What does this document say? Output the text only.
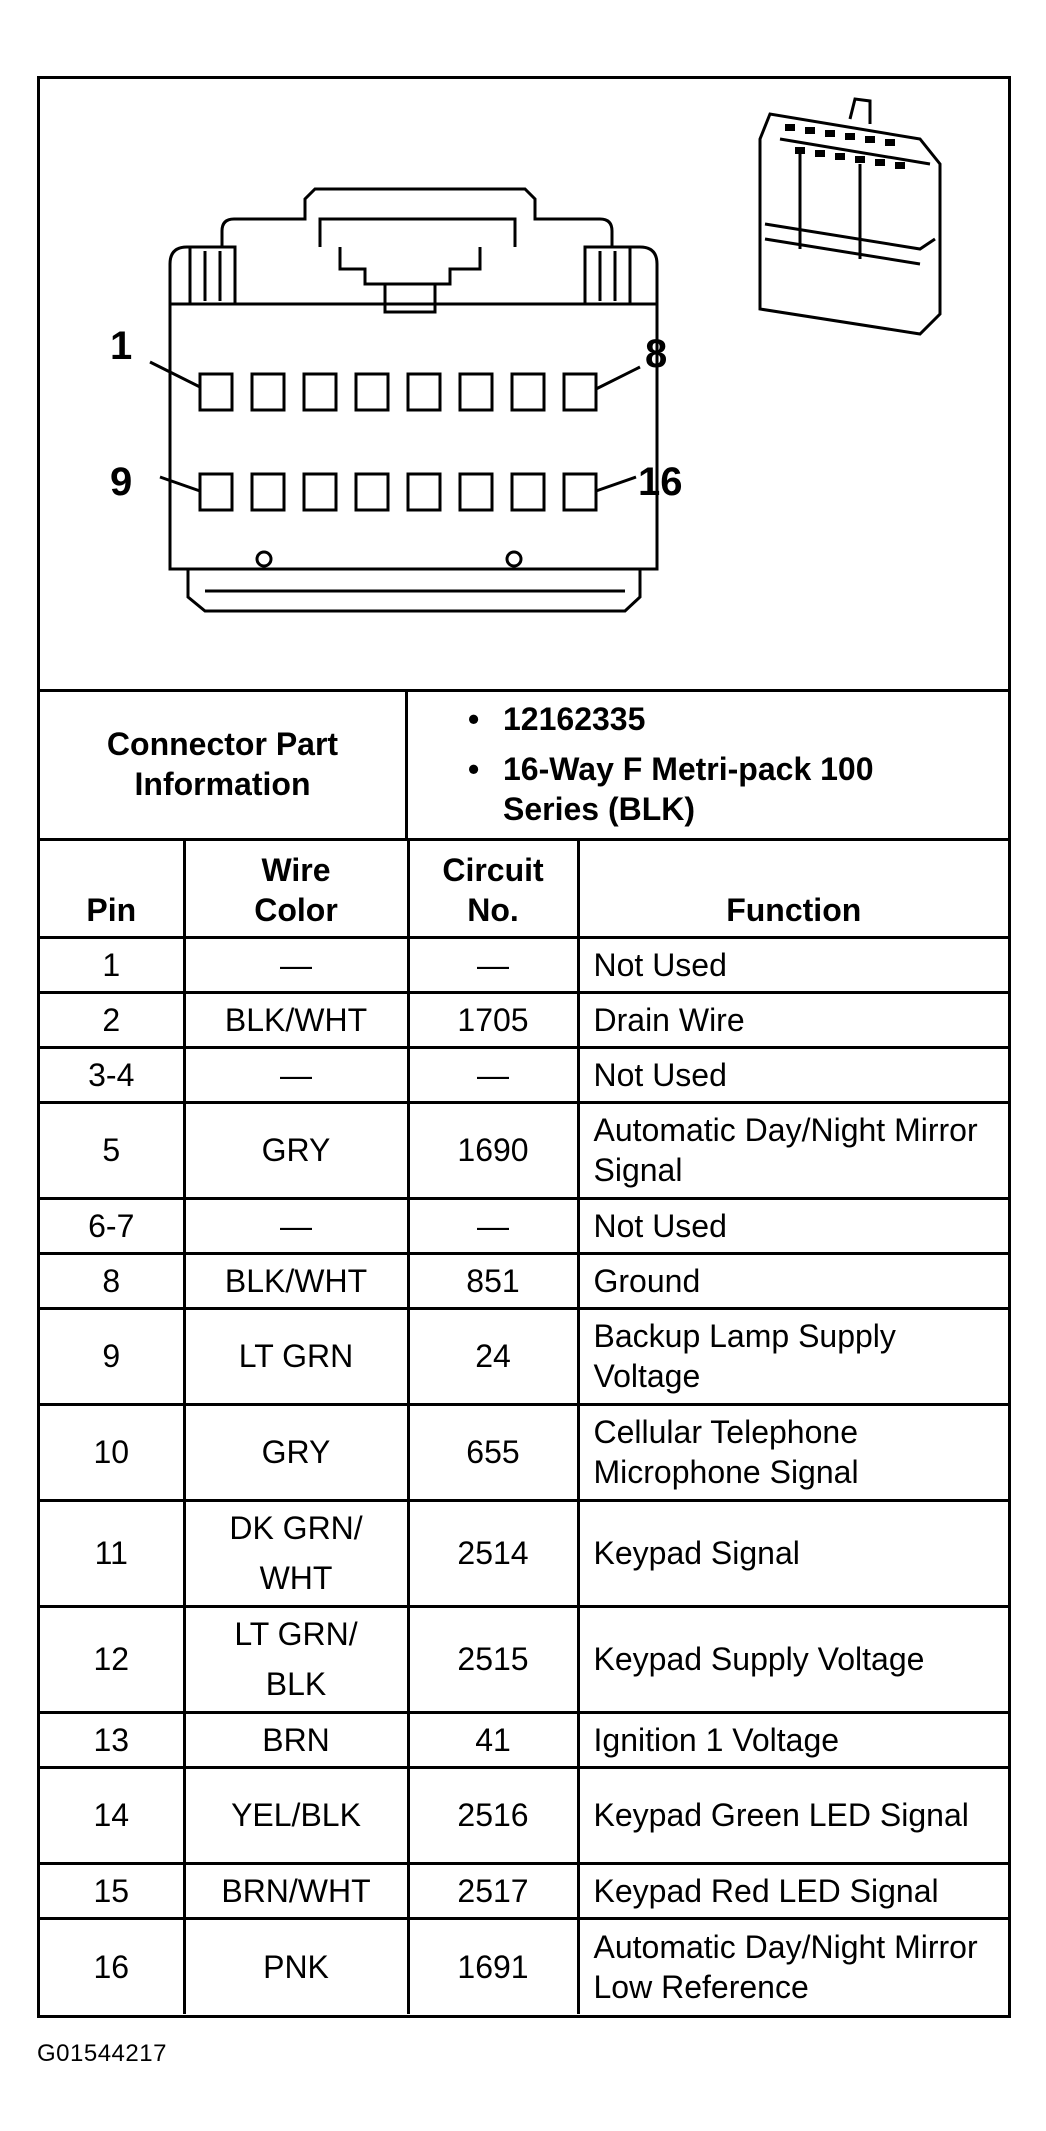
1	8
9	16
Connector Part Information
• 12162335
• 16-Way F Metri-pack 100 Series (BLK)
Pin	Wire Color	Circuit No.	Function
1	—	—	Not Used
2	BLK/WHT	1705	Drain Wire
3-4	—	—	Not Used
5	GRY	1690	Automatic Day/Night Mirror Signal
6-7	—	—	Not Used
8	BLK/WHT	851	Ground
9	LT GRN	24	Backup Lamp Supply Voltage
10	GRY	655	Cellular Telephone Microphone Signal
11	DK GRN/ WHT	2514	Keypad Signal
12	LT GRN/ BLK	2515	Keypad Supply Voltage
13	BRN	41	Ignition 1 Voltage
14	YEL/BLK	2516	Keypad Green LED Signal
15	BRN/WHT	2517	Keypad Red LED Signal
16	PNK	1691	Automatic Day/Night Mirror Low Reference
G01544217
